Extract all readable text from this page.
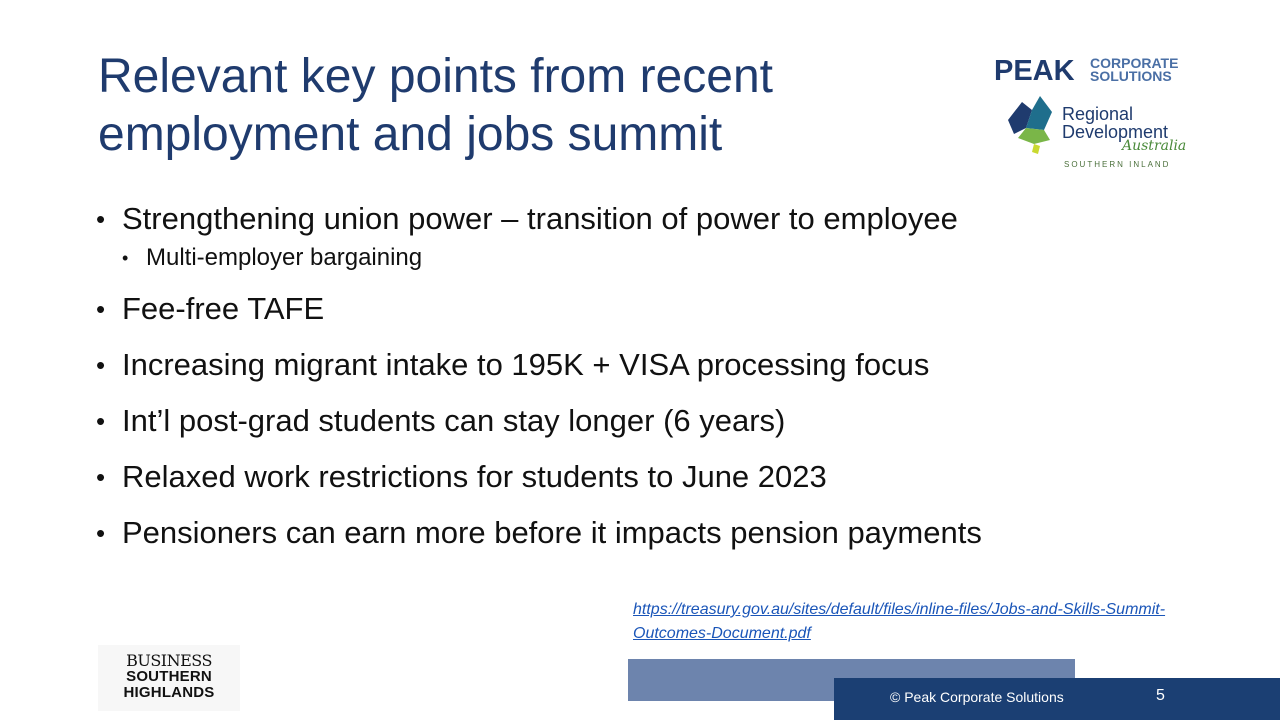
Relevant key points from recent
employment and jobs summit
PEAK CORPORATE
SOLUTIONS
Regional
Development
Australia
SOUTHERN INLAND
• Strengthening union power – transition of power to employee
• Multi-employer bargaining
• Fee-free TAFE
• Increasing migrant intake to 195K + VISA processing focus
• Int’l post-grad students can stay longer (6 years)
• Relaxed work restrictions for students to June 2023
• Pensioners can earn more before it impacts pension payments
https://treasury.gov.au/sites/default/files/inline-files/Jobs-and-Skills-Summit-
Outcomes-Document.pdf
BUSINESS
SOUTHERN
HIGHLANDS	© Peak Corporate Solutions	5
